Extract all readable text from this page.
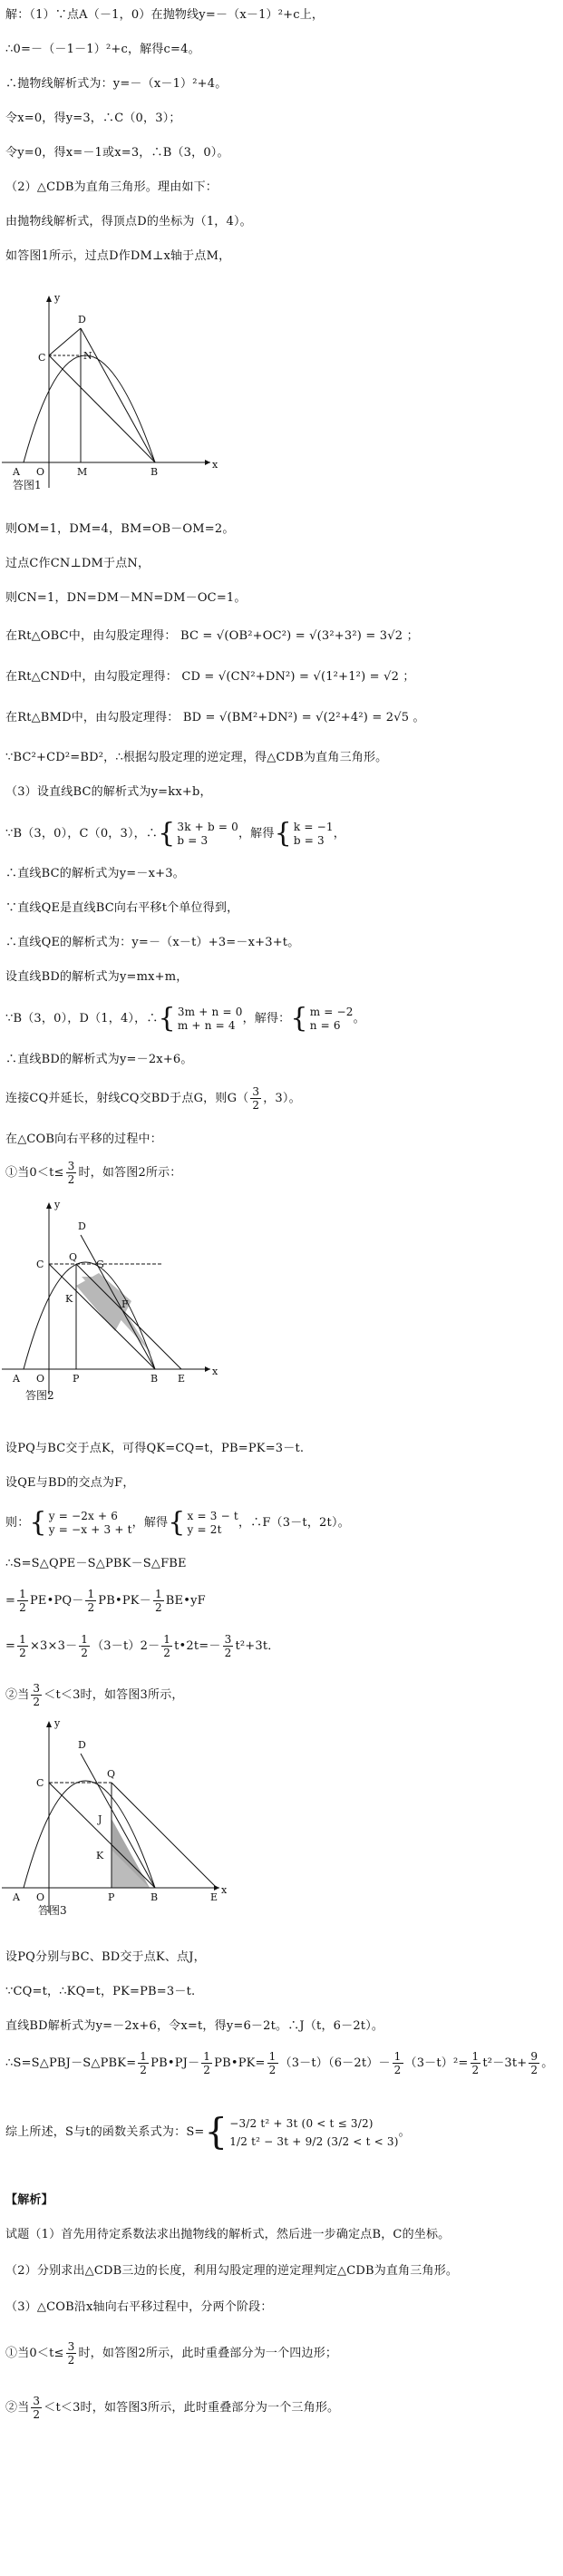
解：（1）∵点A（－1，0）在抛物线y=－（x－1）²+c上，
∴0=－（－1－1）²+c，解得c=4。
∴抛物线解析式为：y=－（x－1）²+4。
令x=0，得y=3，∴C（0，3）；
令y=0，得x=－1或x=3，∴B（3，0）。
（2）△CDB为直角三角形。理由如下：
由抛物线解析式，得顶点D的坐标为（1，4）。
如答图1所示，过点D作DM⊥x轴于点M，
y
D
C	N
A O	M	B
x
答图1
则OM=1，DM=4，BM=OB－OM=2。
过点C作CN⊥DM于点N，
则CN=1，DN=DM－MN=DM－OC=1。
在Rt△OBC中，由勾股定理得： BC = √(OB²+OC²) = √(3²+3²) = 3√2 ；
在Rt△CND中，由勾股定理得： CD = √(CN²+DN²) = √(1²+1²) = √2 ；
在Rt△BMD中，由勾股定理得： BD = √(BM²+DN²) = √(2²+4²) = 2√5 。
∵BC²+CD²=BD²，∴根据勾股定理的逆定理，得△CDB为直角三角形。
（3）设直线BC的解析式为y=kx+b，
∵B（3，0），C（0，3），∴{ 3k + b = 0
b = 3	，解得{ k = −1
b = 3 ，
∴直线BC的解析式为y=－x+3。
∵直线QE是直线BC向右平移t个单位得到，
∴直线QE的解析式为：y=－（x－t）+3=－x+3+t。
设直线BD的解析式为y=mx+m，
∵B（3，0），D（1，4），∴{ 3m + n = 0
m + n = 4 ，解得：{ m = −2
n = 6 。
∴直线BD的解析式为y=－2x+6。
连接CQ并延长，射线CQ交BD于点G，则$G( \frac{3}{2}$ ，3）。
在△COB向右平移的过程中：
①当$0<t\le \frac{3}{2}$ 时，如答图2所示：
y
D
C
Q
G
K	F
A O	P	B E
x
答图2
设PQ与BC交于点K，可得QK=CQ=t，PB=PK=3－t.
设QE与BD的交点为F，
则：{ y = −2x + 6
y = −x + 3 + t，解得{ x = 3 − t
y = 2t ，∴F（3－t，2t）。
∴S=S△QPE－S△PBK－S△FBE
= $\frac{1}{2}$ PE•PQ－ $\frac{1}{2}$ PB•PK－ $\frac{1}{2}$ BE•yF
= $\frac{1}{2} \times 3\times 3- \frac{1}{2} (3-t)2- \frac{1}{2}$ t•2t=－ $\frac{3}{2} t^2+3t$．
②当 $\frac{3}{2} <t<3$时，如答图3所示，
y
D
C
Q
J
K
A O	P	B	E
x
答图3
设PQ分别与BC、BD交于点K、点J，
∵CQ=t，∴KQ=t，PK=PB=3－t.
直线BD解析式为y=－2x+6，令x=t，得y=6－2t。∴J（t，6－2t）。
∴S=S△PBJ－S△PBK= $\frac{1}{2}$ PB•PJ－ $\frac{1}{2}$ PB•PK= $\frac{1}{2} (3-t)(6-2t)- \frac{1}{2} (3-t)^2= \frac{1}{2} t^2-3t+ \frac{9}{2}$ 。
综上所述，S与t的函数关系式为：S={ −3/2 t² + 3t (0 < t ≤ 3/2)
1/2 t² − 3t + 9/2 (3/2 < t < 3)。
【解析】
试题（1）首先用待定系数法求出抛物线的解析式，然后进一步确定点B，C的坐标。
（2）分别求出△CDB三边的长度，利用勾股定理的逆定理判定△CDB为直角三角形。
（3）△COB沿x轴向右平移过程中，分两个阶段：
①当$0<t\le \frac{3}{2}$ 时，如答图2所示，此时重叠部分为一个四边形；
②当 $\frac{3}{2} <t<3$时，如答图3所示，此时重叠部分为一个三角形。
